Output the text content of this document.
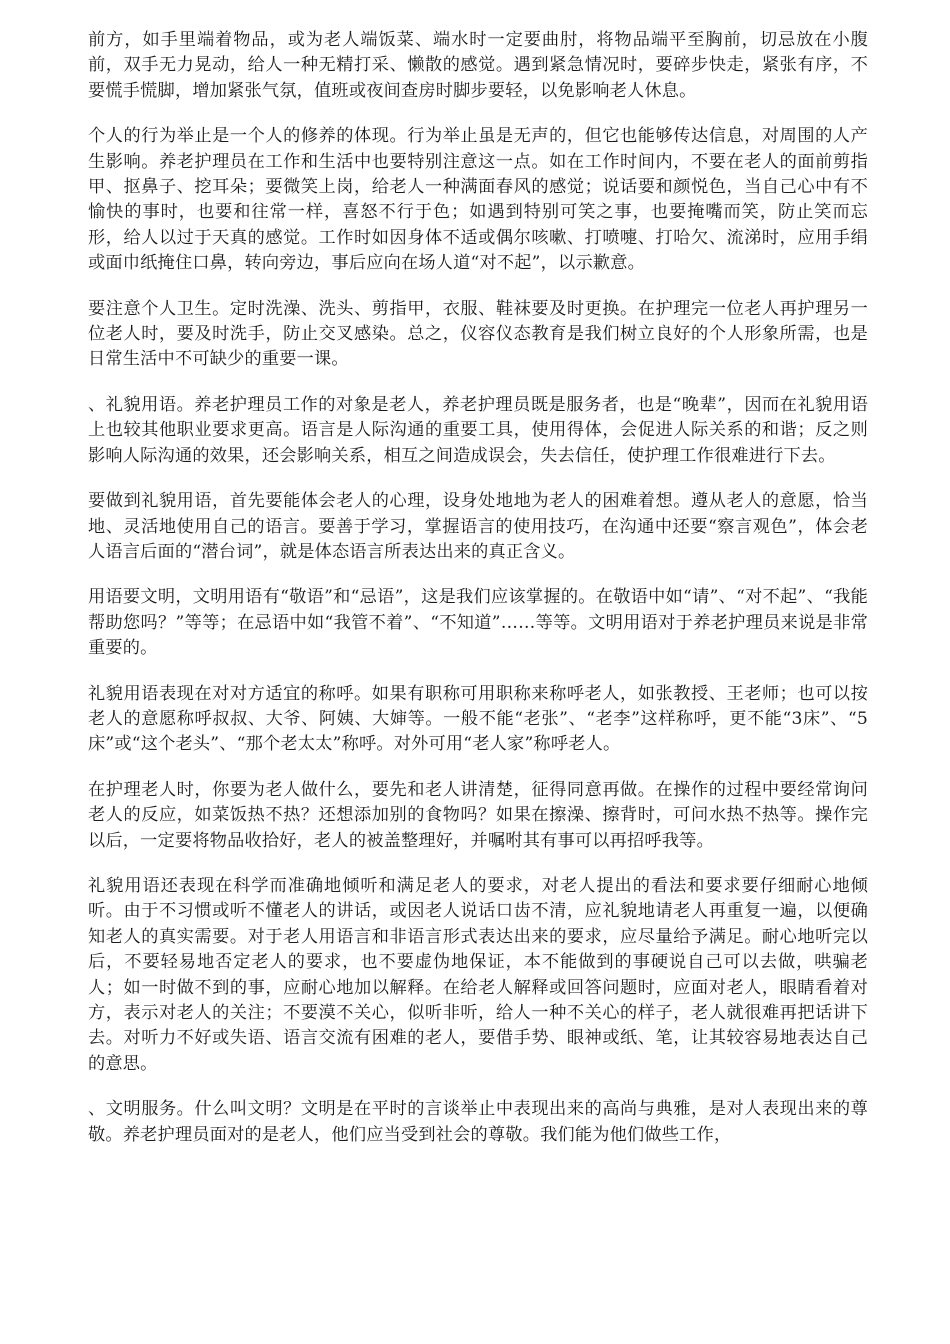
前方，如手里端着物品，或为老人端饭菜、端水时一定要曲肘，将物品端平至胸前，切忌放在小腹前，双手无力晃动，给人一种无精打采、懒散的感觉。遇到紧急情况时，要碎步快走，紧张有序，不要慌手慌脚，增加紧张气氛，值班或夜间查房时脚步要轻，以免影响老人休息。

个人的行为举止是一个人的修养的体现。行为举止虽是无声的，但它也能够传达信息，对周围的人产生影响。养老护理员在工作和生活中也要特别注意这一点。如在工作时间内，不要在老人的面前剪指甲、抠鼻子、挖耳朵；要微笑上岗，给老人一种满面春风的感觉；说话要和颜悦色，当自己心中有不愉快的事时，也要和往常一样，喜怒不行于色；如遇到特别可笑之事，也要掩嘴而笑，防止笑而忘形，给人以过于天真的感觉。工作时如因身体不适或偶尔咳嗽、打喷嚏、打哈欠、流涕时，应用手绢或面巾纸掩住口鼻，转向旁边，事后应向在场人道“对不起”，以示歉意。

要注意个人卫生。定时洗澡、洗头、剪指甲，衣服、鞋袜要及时更换。在护理完一位老人再护理另一位老人时，要及时洗手，防止交叉感染。总之，仪容仪态教育是我们树立良好的个人形象所需，也是日常生活中不可缺少的重要一课。

、礼貌用语。养老护理员工作的对象是老人，养老护理员既是服务者，也是“晚辈”，因而在礼貌用语上也较其他职业要求更高。语言是人际沟通的重要工具，使用得体，会促进人际关系的和谐；反之则影响人际沟通的效果，还会影响关系，相互之间造成误会，失去信任，使护理工作很难进行下去。

要做到礼貌用语，首先要能体会老人的心理，设身处地地为老人的困难着想。遵从老人的意愿，恰当地、灵活地使用自己的语言。要善于学习，掌握语言的使用技巧，在沟通中还要“察言观色”，体会老人语言后面的“潜台词”，就是体态语言所表达出来的真正含义。

用语要文明，文明用语有“敬语”和“忌语”，这是我们应该掌握的。在敬语中如“请”、“对不起”、“我能帮助您吗？”等等；在忌语中如“我管不着”、“不知道”……等等。文明用语对于养老护理员来说是非常重要的。

礼貌用语表现在对对方适宜的称呼。如果有职称可用职称来称呼老人，如张教授、王老师；也可以按老人的意愿称呼叔叔、大爷、阿姨、大婶等。一般不能“老张”、“老李”这样称呼，更不能“3床”、“5床”或“这个老头”、“那个老太太”称呼。对外可用“老人家”称呼老人。

在护理老人时，你要为老人做什么，要先和老人讲清楚，征得同意再做。在操作的过程中要经常询问老人的反应，如菜饭热不热？还想添加别的食物吗？如果在擦澡、擦背时，可问水热不热等。操作完以后，一定要将物品收拾好，老人的被盖整理好，并嘱咐其有事可以再招呼我等。

礼貌用语还表现在科学而准确地倾听和满足老人的要求，对老人提出的看法和要求要仔细耐心地倾听。由于不习惯或听不懂老人的讲话，或因老人说话口齿不清，应礼貌地请老人再重复一遍，以便确知老人的真实需要。对于老人用语言和非语言形式表达出来的要求，应尽量给予满足。耐心地听完以后，不要轻易地否定老人的要求，也不要虚伪地保证，本不能做到的事硬说自己可以去做，哄骗老人；如一时做不到的事，应耐心地加以解释。在给老人解释或回答问题时，应面对老人，眼睛看着对方，表示对老人的关注；不要漠不关心，似听非听，给人一种不关心的样子，老人就很难再把话讲下去。对听力不好或失语、语言交流有困难的老人，要借手势、眼神或纸、笔，让其较容易地表达自己的意思。

、文明服务。什么叫文明？文明是在平时的言谈举止中表现出来的高尚与典雅，是对人表现出来的尊敬。养老护理员面对的是老人，他们应当受到社会的尊敬。我们能为他们做些工作，
